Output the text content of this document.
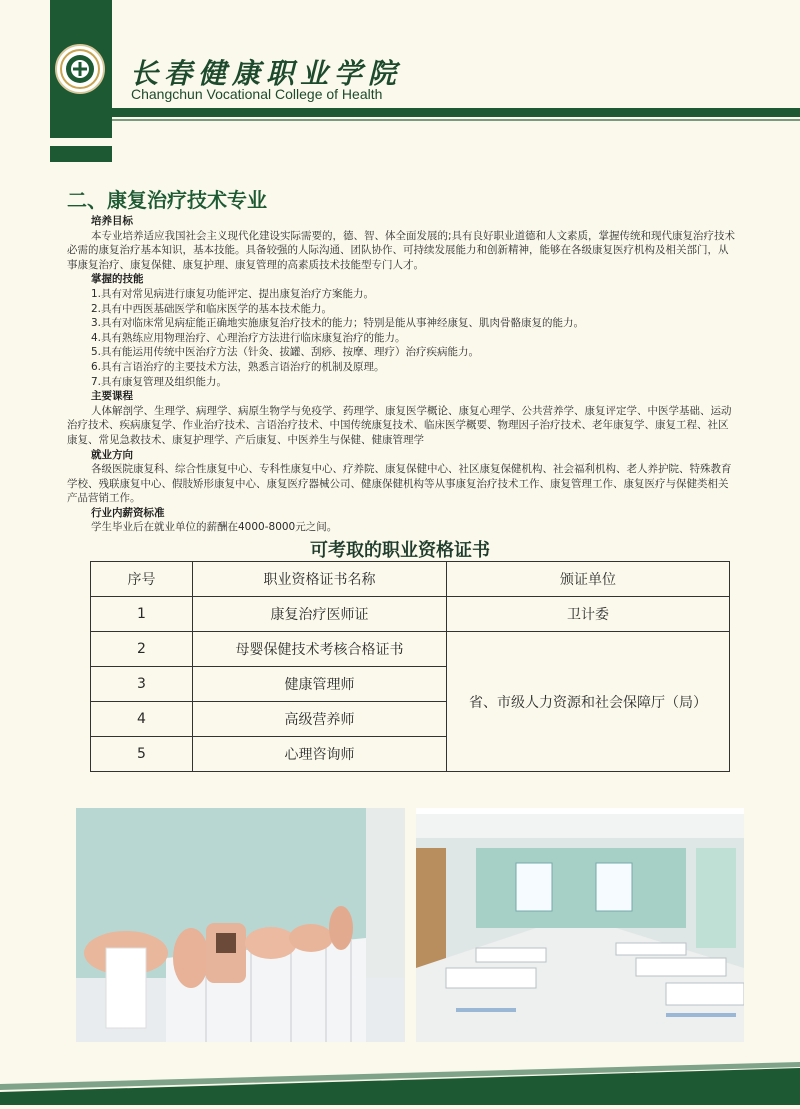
长春健康职业学院
Changchun Vocational College of Health
二、康复治疗技术专业

培养目标

本专业培养适应我国社会主义现代化建设实际需要的，德、智、体全面发展的;具有良好职业道德和人文素质，掌握传统和现代康复治疗技术必需的康复治疗基本知识，基本技能。具备较强的人际沟通、团队协作、可持续发展能力和创新精神，能够在各级康复医疗机构及相关部门，从事康复治疗、康复保健、康复护理、康复管理的高素质技术技能型专门人才。

掌握的技能

1.具有对常见病进行康复功能评定、提出康复治疗方案能力。

2.具有中西医基础医学和临床医学的基本技术能力。

3.具有对临床常见病症能正确地实施康复治疗技术的能力；特别是能从事神经康复、肌肉骨骼康复的能力。

4.具有熟练应用物理治疗、心理治疗方法进行临床康复治疗的能力。

5.具有能运用传统中医治疗方法（针灸、拔罐、刮痧、按摩、理疗）治疗疾病能力。

6.具有言语治疗的主要技术方法，熟悉言语治疗的机制及原理。

7.具有康复管理及组织能力。

主要课程

人体解剖学、生理学、病理学、病原生物学与免疫学、药理学、康复医学概论、康复心理学、公共营养学、康复评定学、中医学基础、运动治疗技术、疾病康复学、作业治疗技术、言语治疗技术、中国传统康复技术、临床医学概要、物理因子治疗技术、老年康复学、康复工程、社区康复、常见急救技术、康复护理学、产后康复、中医养生与保健、健康管理学

就业方向

各级医院康复科、综合性康复中心、专科性康复中心、疗养院、康复保健中心、社区康复保健机构、社会福利机构、老人养护院、特殊教育学校、残联康复中心、假肢矫形康复中心、康复医疗器械公司、健康保健机构等从事康复治疗技术工作、康复管理工作、康复医疗与保健类相关产品营销工作。

行业内薪资标准

学生毕业后在就业单位的薪酬在4000-8000元之间。

可考取的职业资格证书
序号	职业资格证书名称	颁证单位
1	康复治疗医师证	卫计委
2	母婴保健技术考核合格证书	省、市级人力资源和社会保障厅（局）
3	健康管理师	
4	高级营养师	
5	心理咨询师	
